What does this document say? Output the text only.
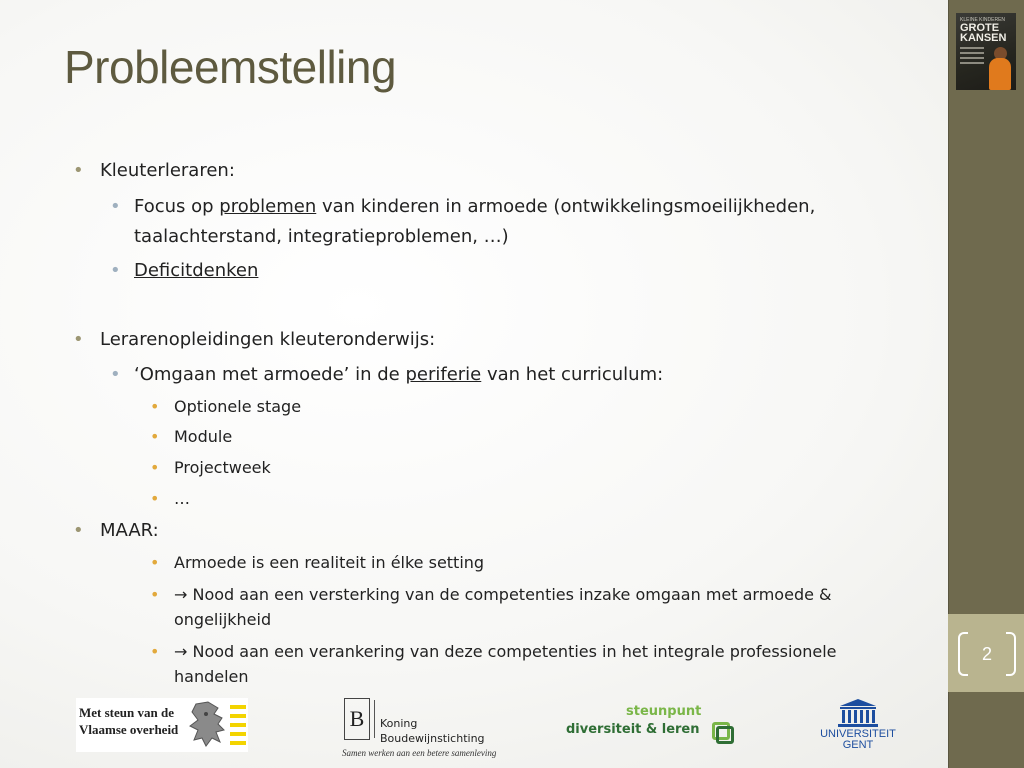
KLEINE KINDEREN
GROTE KANSEN
2
Probleemstelling
• Kleuterleraren:
• Focus op problemen van kinderen in armoede (ontwikkelingsmoeilijkheden,
taalachterstand, integratieproblemen, …)
• Deficitdenken
• Lerarenopleidingen kleuteronderwijs:
• ‘Omgaan met armoede’ in de periferie van het curriculum:
• Optionele stage
• Module
• Projectweek
• …
• MAAR:
• Armoede is een realiteit in élke setting
• → Nood aan een versterking van de competenties inzake omgaan met armoede &
ongelijkheid
• → Nood aan een verankering van deze competenties in het integrale professionele
handelen
Met steun van de
Vlaamse overheid	B	Koning
Boudewijnstichting
Samen werken aan een betere samenleving
steunpunt
diversiteit & leren	UNIVERSITEIT
GENT
